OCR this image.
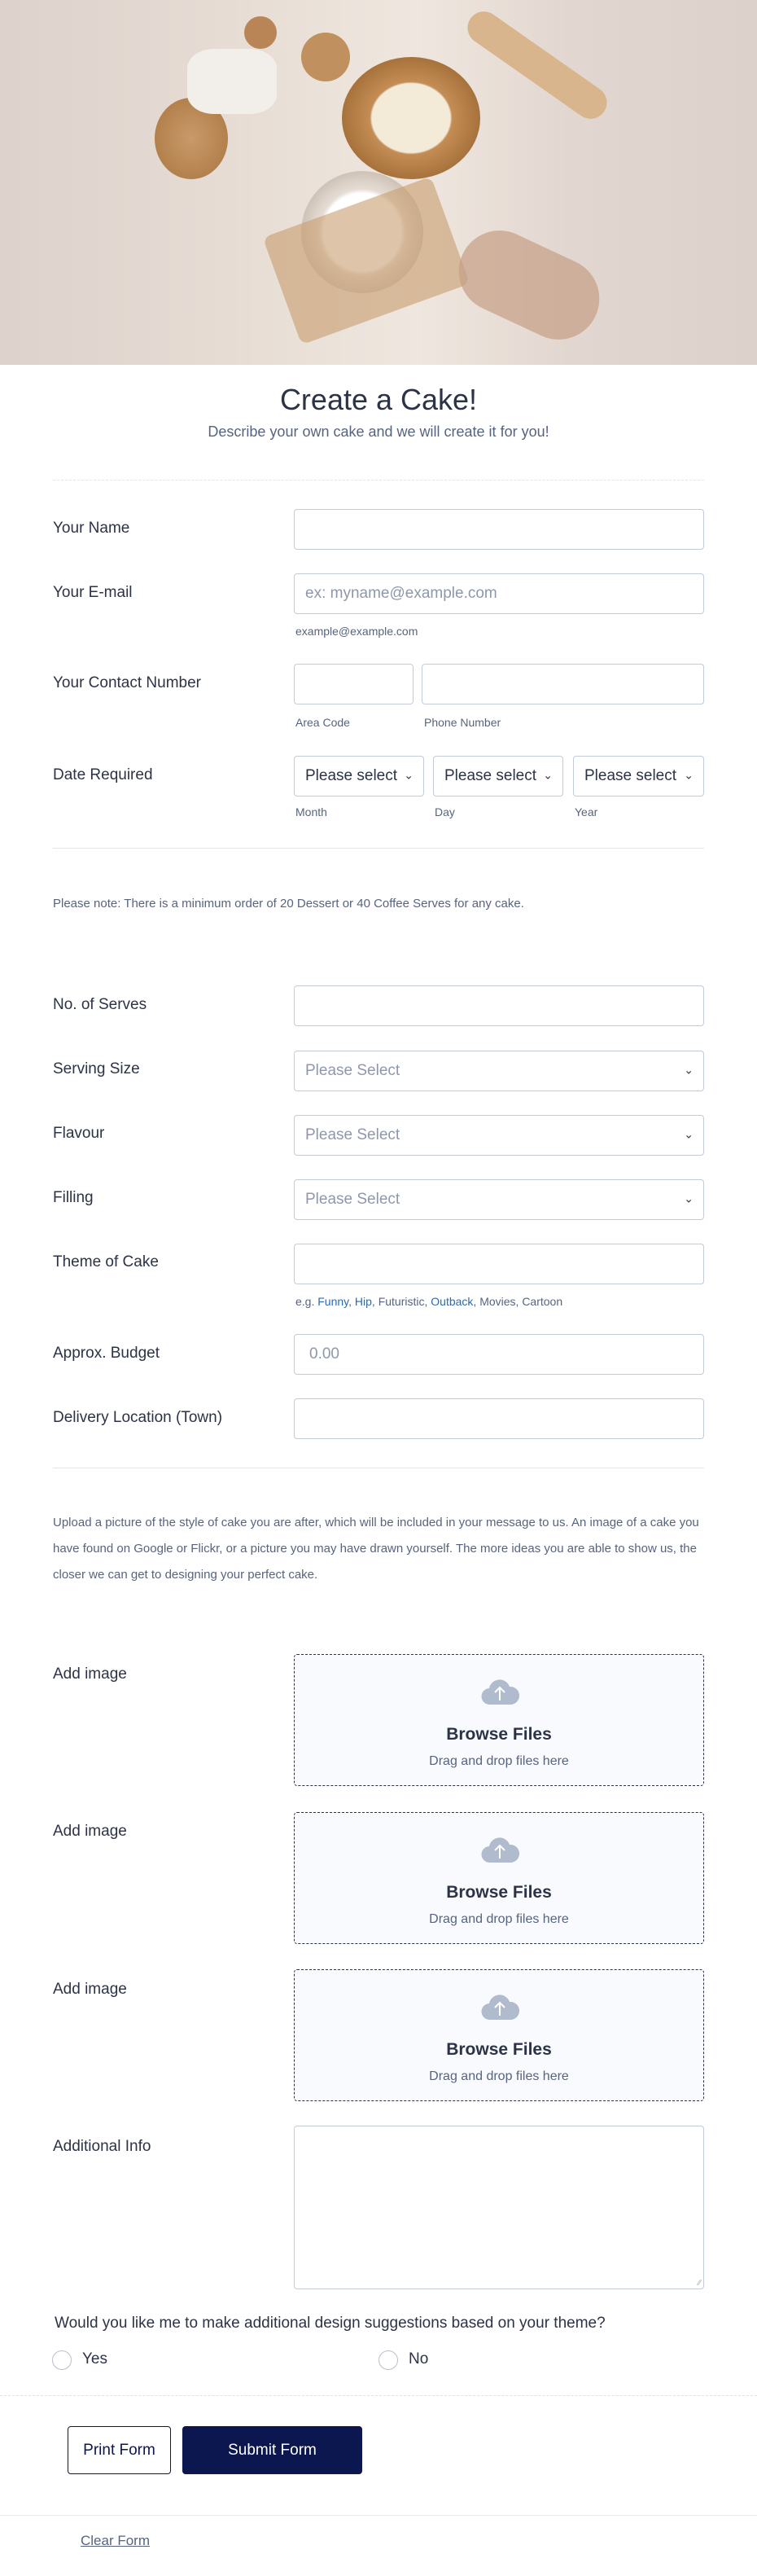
Create a Cake!
Describe your own cake and we will create it for you!
Your Name
Your E-mail	ex: myname@example.com
example@example.com
Your Contact Number
Area Code	Phone Number
Date Required	Please select ⌄ Please select ⌄ Please select ⌄
Month	Day	Year
Please note: There is a minimum order of 20 Dessert or 40 Coffee Serves for any cake.
No. of Serves
Serving Size	Please Select	⌄
Flavour	Please Select	⌄
Filling	Please Select	⌄
Theme of Cake
e.g. Funny, Hip, Futuristic, Outback, Movies, Cartoon
Approx. Budget	0.00
Delivery Location (Town)
Upload a picture of the style of cake you are after, which will be included in your message to us. An image of a cake you have found on Google or Flickr, or a picture you may have drawn yourself. The more ideas you are able to show us, the closer we can get to designing your perfect cake.
Add image
Browse Files
Drag and drop files here
Add image
Browse Files
Drag and drop files here
Add image
Browse Files
Drag and drop files here
Additional Info
∕∕
Would you like me to make additional design suggestions based on your theme?
Yes	No
Print Form	Submit Form
Clear Form
